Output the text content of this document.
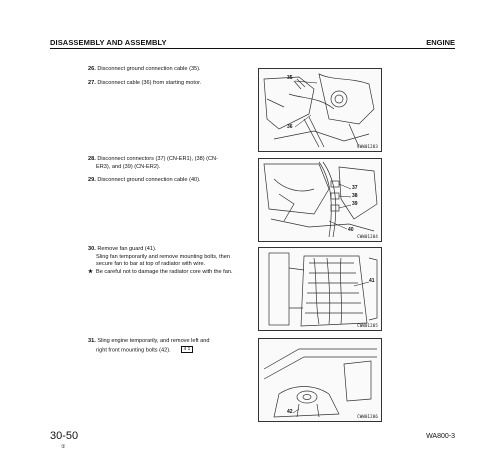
DISASSEMBLY AND ASSEMBLY	ENGINE
26. Disconnect ground connection cable (35).
27. Disconnect cable (36) from starting motor.
35
36
CWW01203
28. Disconnect connectors (37) (CN-ER1), (38) (CN-
ER3), and (39) (CN-ER2).
29. Disconnect ground connection cable (40).
37
38
39
40
CWW01204
30. Remove fan guard (41).
Sling fan temporarily and remove mounting bolts, then secure fan to bar at top of radiator with wire.
★ Be careful not to damage the radiator core with the fan.
41
CWW01205
31. Sling engine temporarily, and remove left and
right front mounting bolts (42).	4 1
42
CWW01206
30-50
①
WA800-3
